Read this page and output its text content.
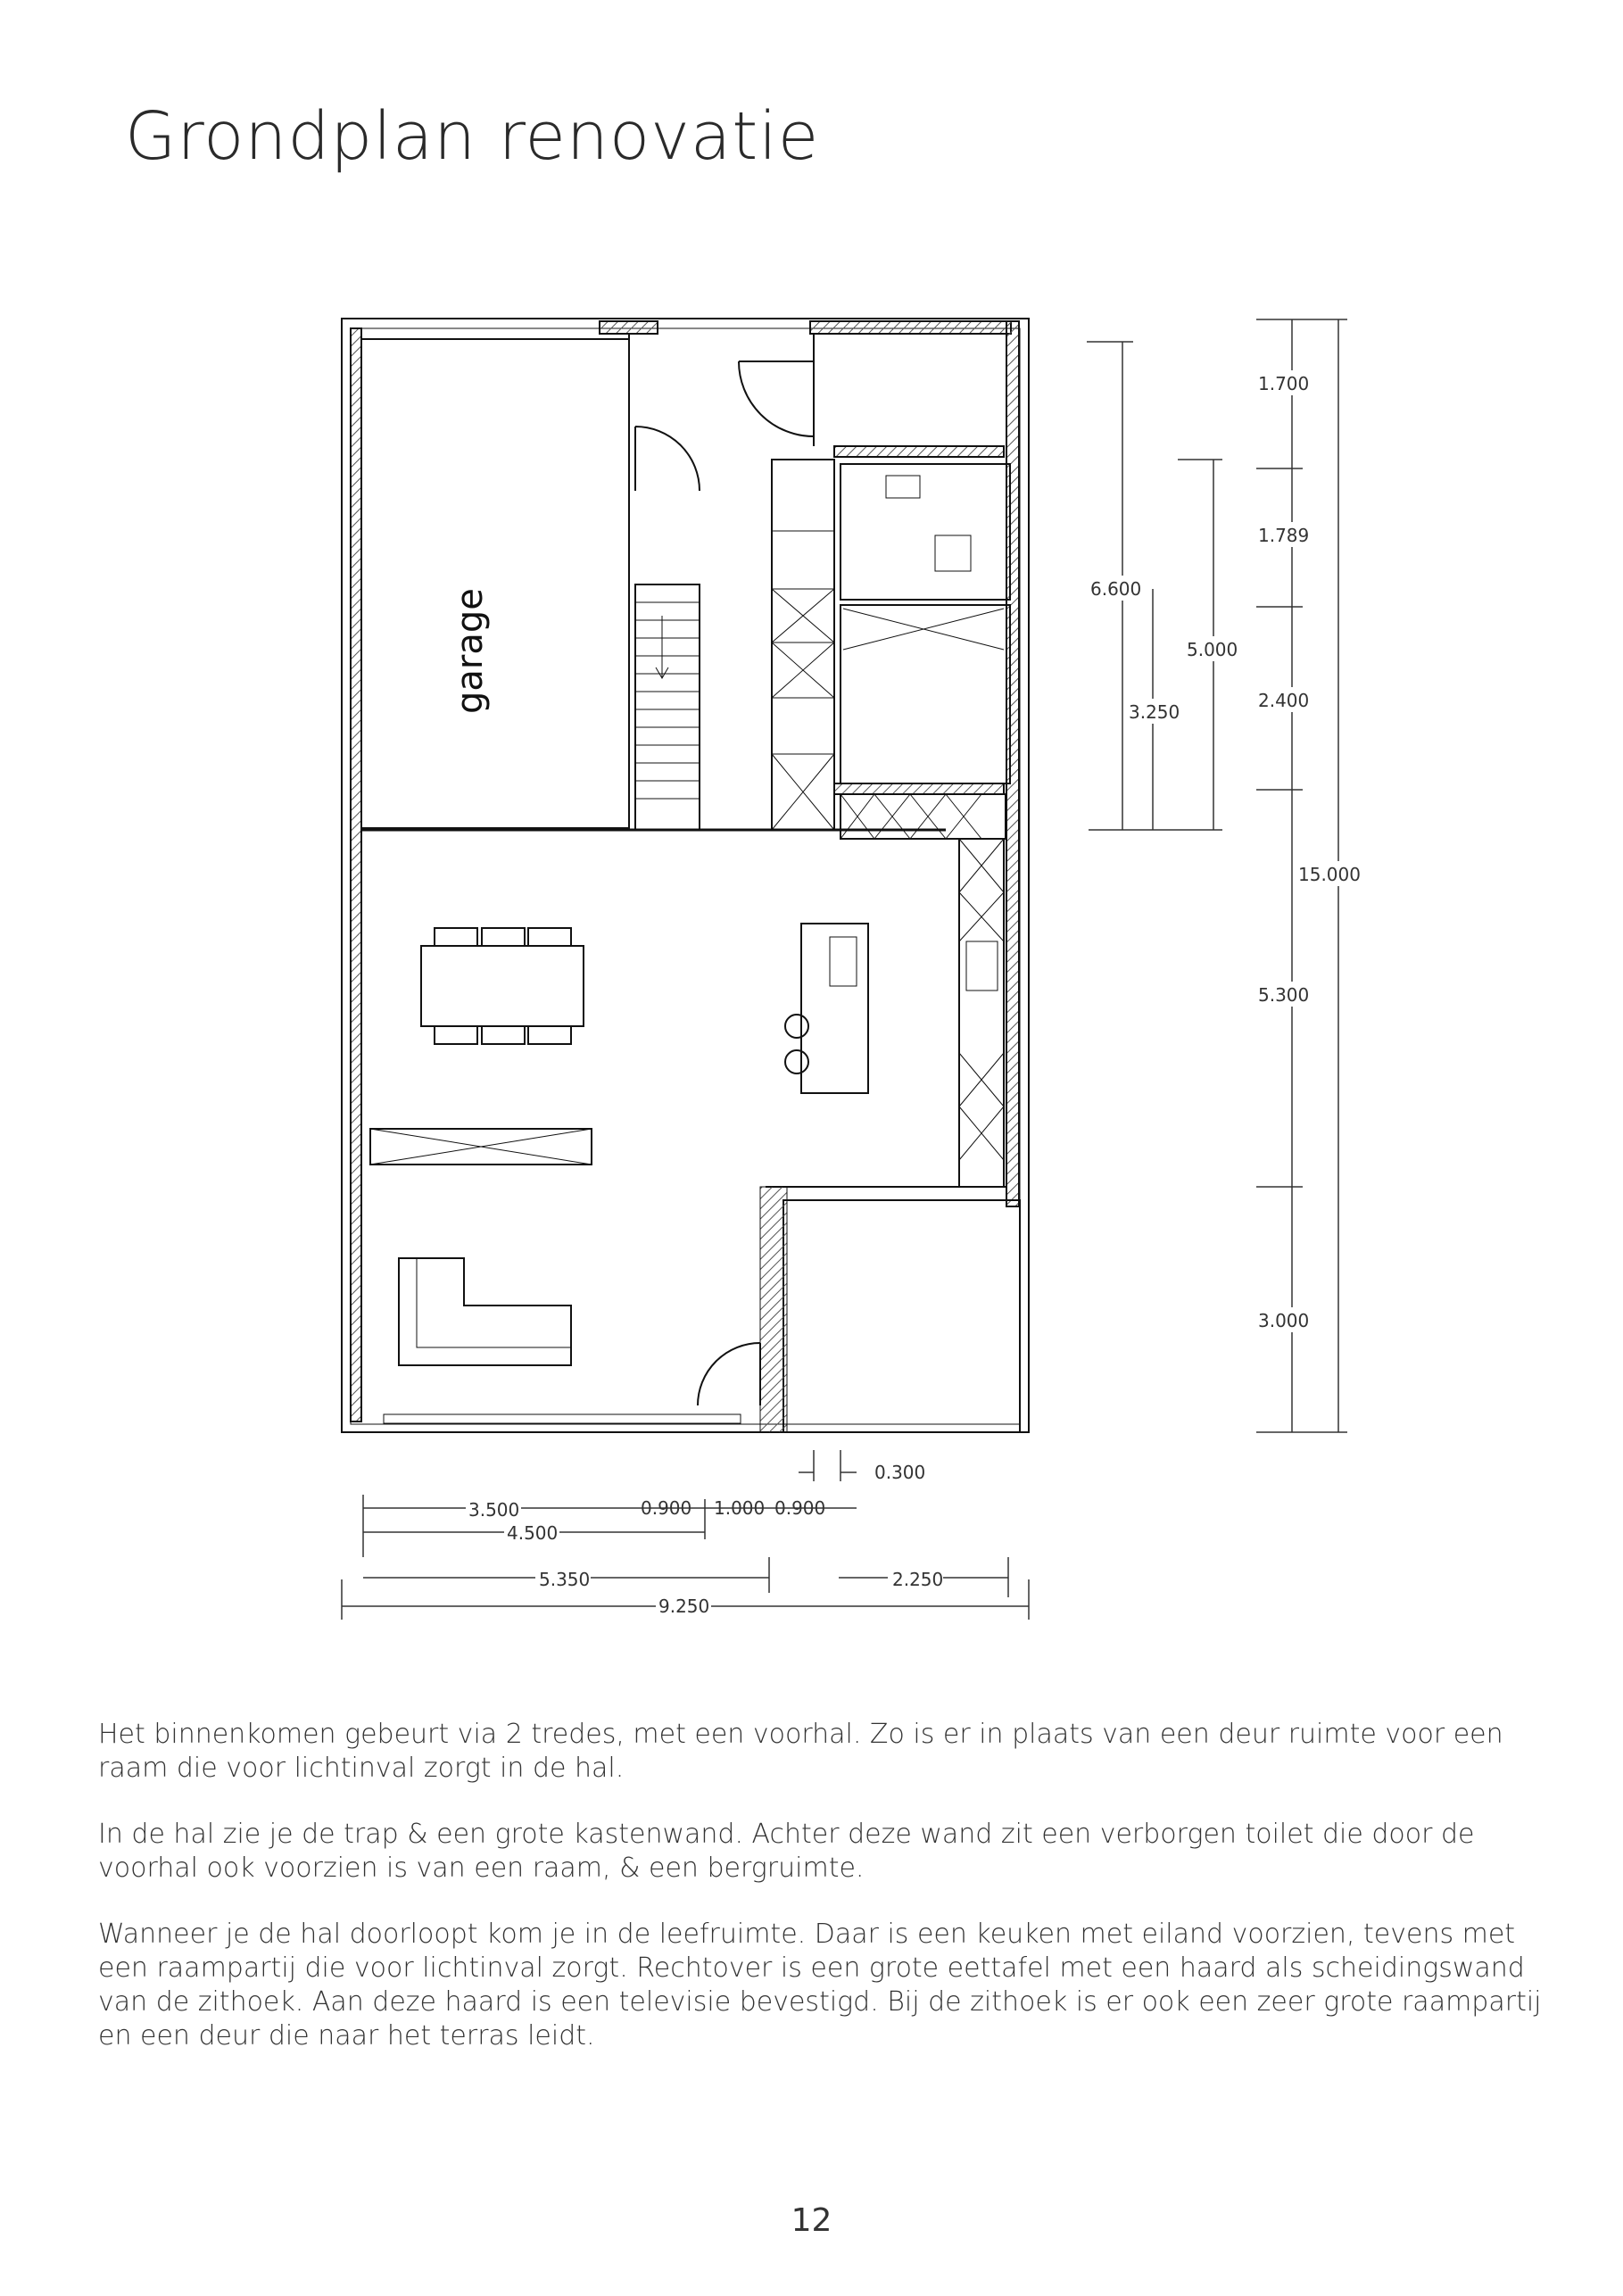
Grondplan renovatie
garage
1.700
1.789
2.400
5.300
3.000
15.000
6.600
5.000
3.250
0.300
3.500	0.900 1.000 0.900
4.500
5.350	2.250
9.250

Het binnenkomen gebeurt via 2 tredes, met een voorhal. Zo is er in plaats van een deur ruimte voor een raam die voor lichtinval zorgt in de hal.

In de hal zie je de trap & een grote kastenwand. Achter deze wand zit een verborgen toilet die door de voorhal ook voorzien is van een raam, & een bergruimte.

Wanneer je de hal doorloopt kom je in de leefruimte. Daar is een keuken met eiland voorzien, tevens met een raampartij die voor lichtinval zorgt. Rechtover is een grote eettafel met een haard als scheidingswand van de zithoek. Aan deze haard is een televisie bevestigd. Bij de zithoek is er ook een zeer grote raampartij en een deur die naar het terras leidt.

12
